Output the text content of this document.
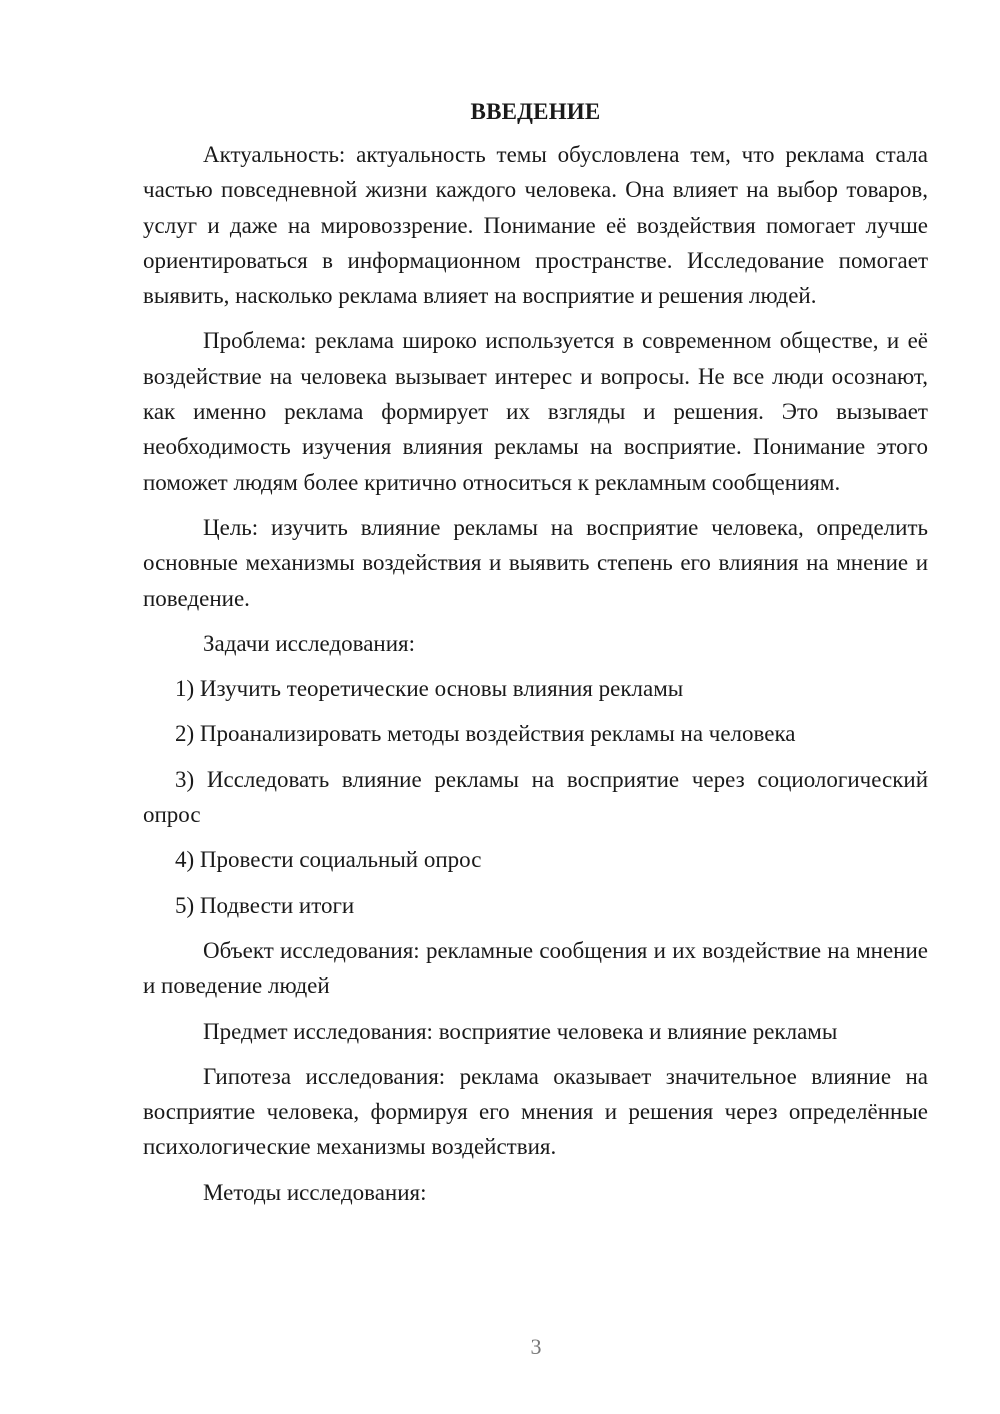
ВВЕДЕНИЕ

Актуальность: актуальность темы обусловлена тем, что реклама стала частью повседневной жизни каждого человека. Она влияет на выбор товаров, услуг и даже на мировоззрение. Понимание её воздействия помогает лучше ориентироваться в информационном пространстве. Исследование помогает выявить, насколько реклама влияет на восприятие и решения людей.

Проблема: реклама широко используется в современном обществе, и её воздействие на человека вызывает интерес и вопросы. Не все люди осознают, как именно реклама формирует их взгляды и решения. Это вызывает необходимость изучения влияния рекламы на восприятие. Понимание этого поможет людям более критично относиться к рекламным сообщениям.

Цель: изучить влияние рекламы на восприятие человека, определить основные механизмы воздействия и выявить степень его влияния на мнение и поведение.

Задачи исследования:

1) Изучить теоретические основы влияния рекламы

2) Проанализировать методы воздействия рекламы на человека

3) Исследовать влияние рекламы на восприятие через социологический опрос

4) Провести социальный опрос

5) Подвести итоги

Объект исследования: рекламные сообщения и их воздействие на мнение и поведение людей

Предмет исследования: восприятие человека и влияние рекламы

Гипотеза исследования: реклама оказывает значительное влияние на восприятие человека, формируя его мнения и решения через определённые психологические механизмы воздействия.

Методы исследования:

3
